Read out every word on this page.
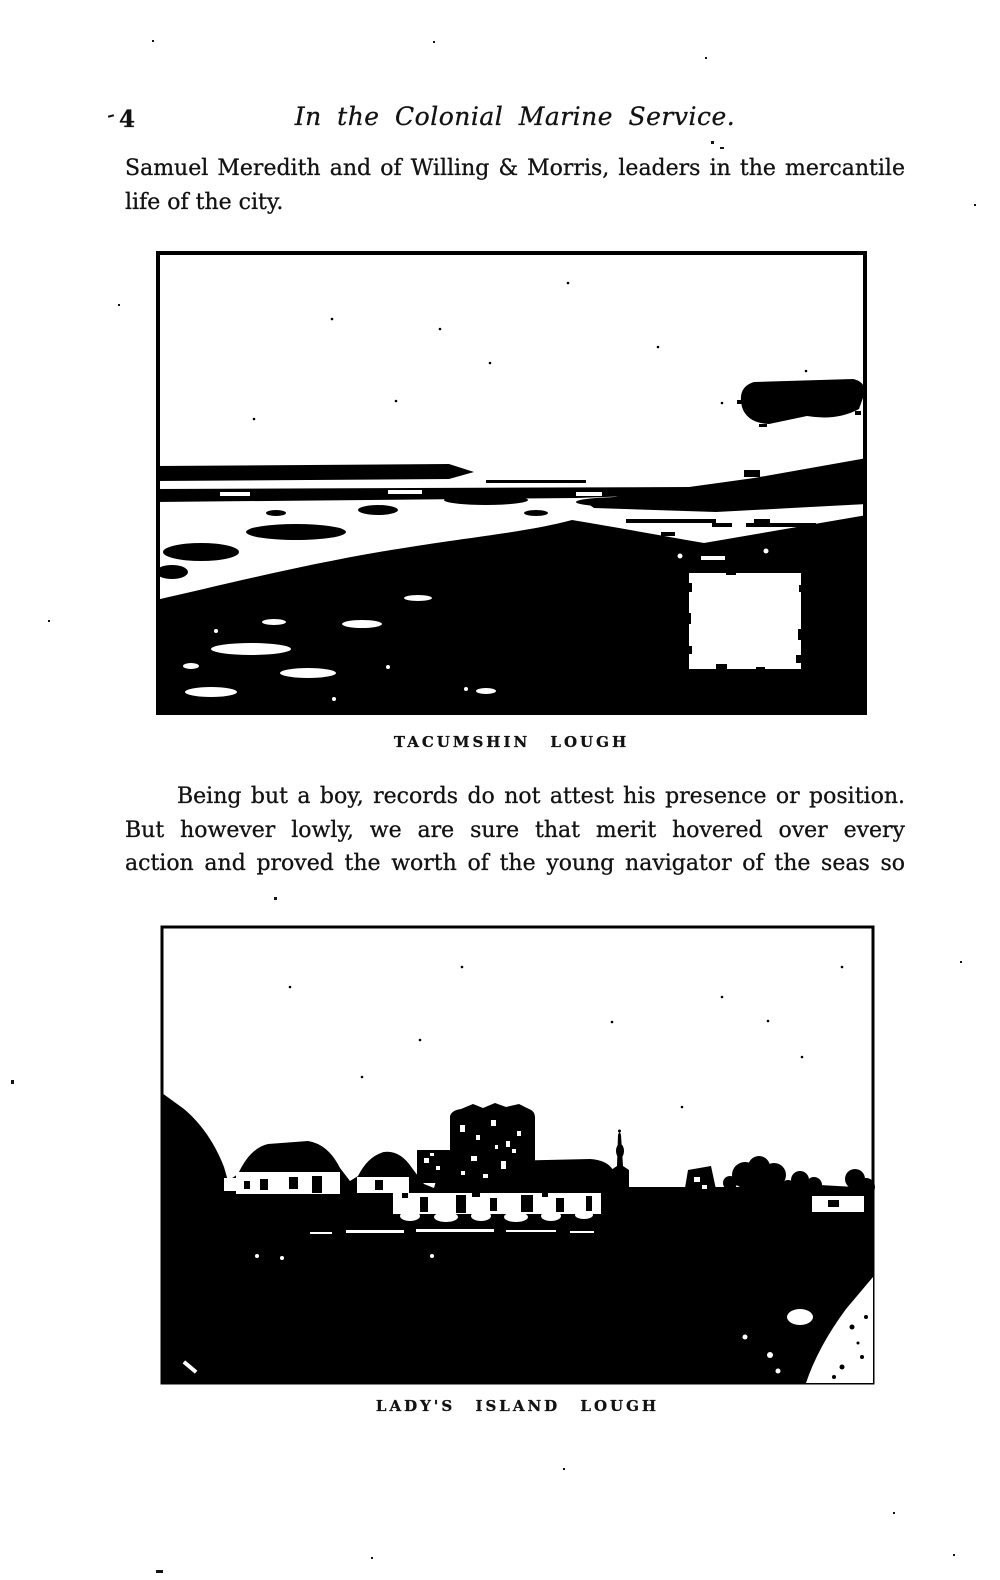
4	In the Colonial Marine Service.
Samuel Meredith and of Willing & Morris, leaders in the mercantile
life of the city.
TACUMSHIN LOUGH
Being but a boy, records do not attest his presence or position.
But however lowly, we are sure that merit hovered over every
action and proved the worth of the young navigator of the seas so
LADY'S ISLAND LOUGH
